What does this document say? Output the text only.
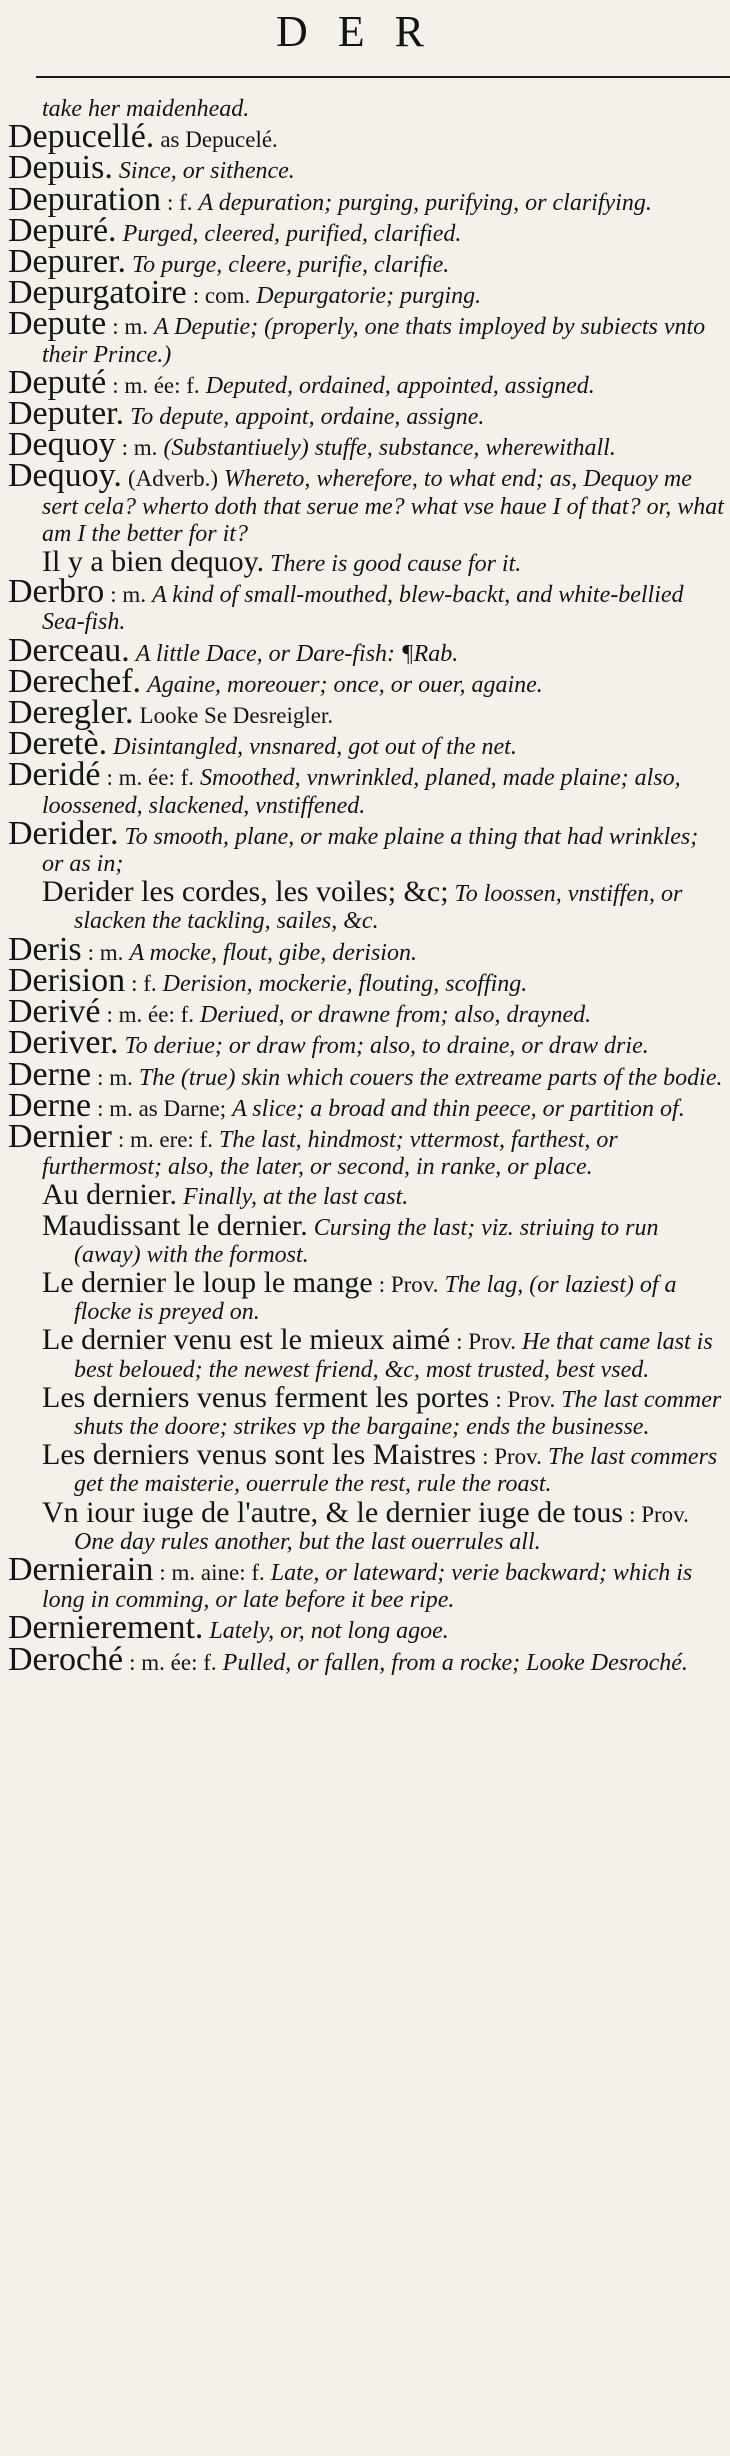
DER

take her maidenhead.

Depucellé. as Depucelé.

Depuis. Since, or sithence.

Depuration : f. A depuration; purging, purifying, or clarifying.

Depuré. Purged, cleered, purified, clarified.

Depurer. To purge, cleere, purifie, clarifie.

Depurgatoire : com. Depurgatorie; purging.

Depute : m. A Deputie; (properly, one thats imployed by subiects vnto their Prince.)

Deputé : m. ée: f. Deputed, ordained, appointed, assigned.

Deputer. To depute, appoint, ordaine, assigne.

Dequoy : m. (Substantiuely) stuffe, substance, wherewithall.

Dequoy. (Adverb.) Whereto, wherefore, to what end; as, Dequoy me sert cela? wherto doth that serue me? what vse haue I of that? or, what am I the better for it?

Il y a bien dequoy. There is good cause for it.

Derbro : m. A kind of small-mouthed, blew-backt, and white-bellied Sea-fish.

Derceau. A little Dace, or Dare-fish: ¶Rab.

Derechef. Againe, moreouer; once, or ouer, againe.

Deregler. Looke Se Desreigler.

Deretè. Disintangled, vnsnared, got out of the net.

Deridé : m. ée: f. Smoothed, vnwrinkled, planed, made plaine; also, loossened, slackened, vnstiffened.

Derider. To smooth, plane, or make plaine a thing that had wrinkles; or as in;

Derider les cordes, les voiles; &c; To loossen, vnstiffen, or slacken the tackling, sailes, &c.

Deris : m. A mocke, flout, gibe, derision.

Derision : f. Derision, mockerie, flouting, scoffing.

Derivé : m. ée: f. Deriued, or drawne from; also, drayned.

Deriver. To deriue; or draw from; also, to draine, or draw drie.

Derne : m. The (true) skin which couers the extreame parts of the bodie.

Derne : m. as Darne; A slice; a broad and thin peece, or partition of.

Dernier : m. ere: f. The last, hindmost; vttermost, farthest, or furthermost; also, the later, or second, in ranke, or place.

Au dernier. Finally, at the last cast.

Maudissant le dernier. Cursing the last; viz. striuing to run (away) with the formost.

Le dernier le loup le mange : Prov. The lag, (or laziest) of a flocke is preyed on.

Le dernier venu est le mieux aimé : Prov. He that came last is best beloued; the newest friend, &c, most trusted, best vsed.

Les derniers venus ferment les portes : Prov. The last commer shuts the doore; strikes vp the bargaine; ends the businesse.

Les derniers venus sont les Maistres : Prov. The last commers get the maisterie, ouerrule the rest, rule the roast.

Vn iour iuge de l'autre, & le dernier iuge de tous : Prov. One day rules another, but the last ouerrules all.

Dernierain : m. aine: f. Late, or lateward; verie backward; which is long in comming, or late before it bee ripe.

Dernierement. Lately, or, not long agoe.

Deroché : m. ée: f. Pulled, or fallen, from a rocke; Looke Desroché.
